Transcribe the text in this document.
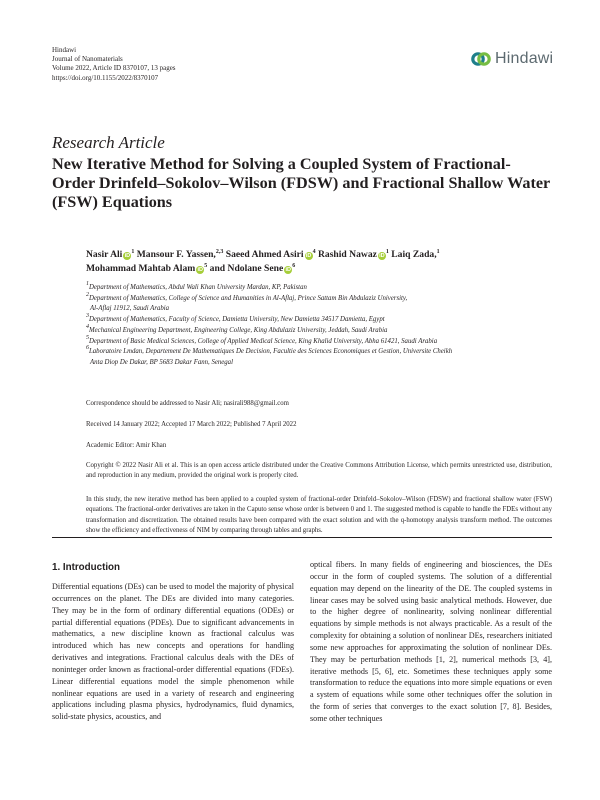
Hindawi
Journal of Nanomaterials
Volume 2022, Article ID 8370107, 13 pages
https://doi.org/10.1155/2022/8370107
Hindawi
Research Article
New Iterative Method for Solving a Coupled System of Fractional-Order Drinfeld–Sokolov–Wilson (FDSW) and Fractional Shallow Water (FSW) Equations
Nasir Ali $iD^1$ Mansour F. Yassen,$^{2,3}$ Saeed Ahmed Asiri $iD^4$ Rashid Nawaz $iD^1$ Laiq Zada,$^1$
Mohammad Mahtab Alam $iD^5$ and Ndolane Sene $iD^6$
$^1$Department of Mathematics, Abdul Wali Khan University Mardan, KP, Pakistan
$^2$Department of Mathematics, College of Science and Humanities in Al-Aflaj, Prince Sattam Bin Abdulaziz University,
Al-Aflaj 11912, Saudi Arabia
$^3$Department of Mathematics, Faculty of Science, Damietta University, New Damietta 34517 Damietta, Egypt
$^4$Mechanical Engineering Department, Engineering College, King Abdulaziz University, Jeddah, Saudi Arabia
$^5$Department of Basic Medical Sciences, College of Applied Medical Science, King Khalid University, Abha 61421, Saudi Arabia
$^6$Laboratoire Lmdan, Departement De Mathematiques De Decision, Facultie des Sciences Economiques et Gestion, Universite Cheikh
Anta Diop De Dakar, BP 5683 Dakar Fann, Senegal
Correspondence should be addressed to Nasir Ali; nasirali988@gmail.com
Received 14 January 2022; Accepted 17 March 2022; Published 7 April 2022
Academic Editor: Amir Khan

Copyright © 2022 Nasir Ali et al. This is an open access article distributed under the Creative Commons Attribution License, which permits unrestricted use, distribution, and reproduction in any medium, provided the original work is properly cited.

In this study, the new iterative method has been applied to a coupled system of fractional-order Drinfeld–Sokolov–Wilson (FDSW) and fractional shallow water (FSW) equations. The fractional-order derivatives are taken in the Caputo sense whose order is between 0 and 1. The suggested method is capable to handle the FDEs without any transformation and discretization. The obtained results have been compared with the exact solution and with the q-homotopy analysis transform method. The outcomes show the efficiency and effectiveness of NIM by comparing through tables and graphs.

1. Introduction

Differential equations (DEs) can be used to model the majority of physical occurrences on the planet. The DEs are divided into many categories. They may be in the form of ordinary differential equations (ODEs) or partial differential equations (PDEs). Due to significant advancements in mathematics, a new discipline known as fractional calculus was introduced which has new concepts and operations for handling derivatives and integrations. Fractional calculus deals with the DEs of noninteger order known as fractional-order differential equations (FDEs). Linear differential equations model the simple phenomenon while nonlinear equations are used in a variety of research and engineering applications including plasma physics, hydrodynamics, fluid dynamics, solid-state physics, acoustics, and

optical fibers. In many fields of engineering and biosciences, the DEs occur in the form of coupled systems. The solution of a differential equation may depend on the linearity of the DE. The coupled systems in linear cases may be solved using basic analytical methods. However, due to the higher degree of nonlinearity, solving nonlinear differential equations by simple methods is not always practicable. As a result of the complexity for obtaining a solution of nonlinear DEs, researchers initiated some new approaches for approximating the solution of nonlinear DEs. They may be perturbation methods [1, 2], numerical methods [3, 4], iterative methods [5, 6], etc. Sometimes these techniques apply some transformation to reduce the equations into more simple equations or even a system of equations while some other techniques offer the solution in the form of series that converges to the exact solution [7, 8]. Besides, some other techniques
